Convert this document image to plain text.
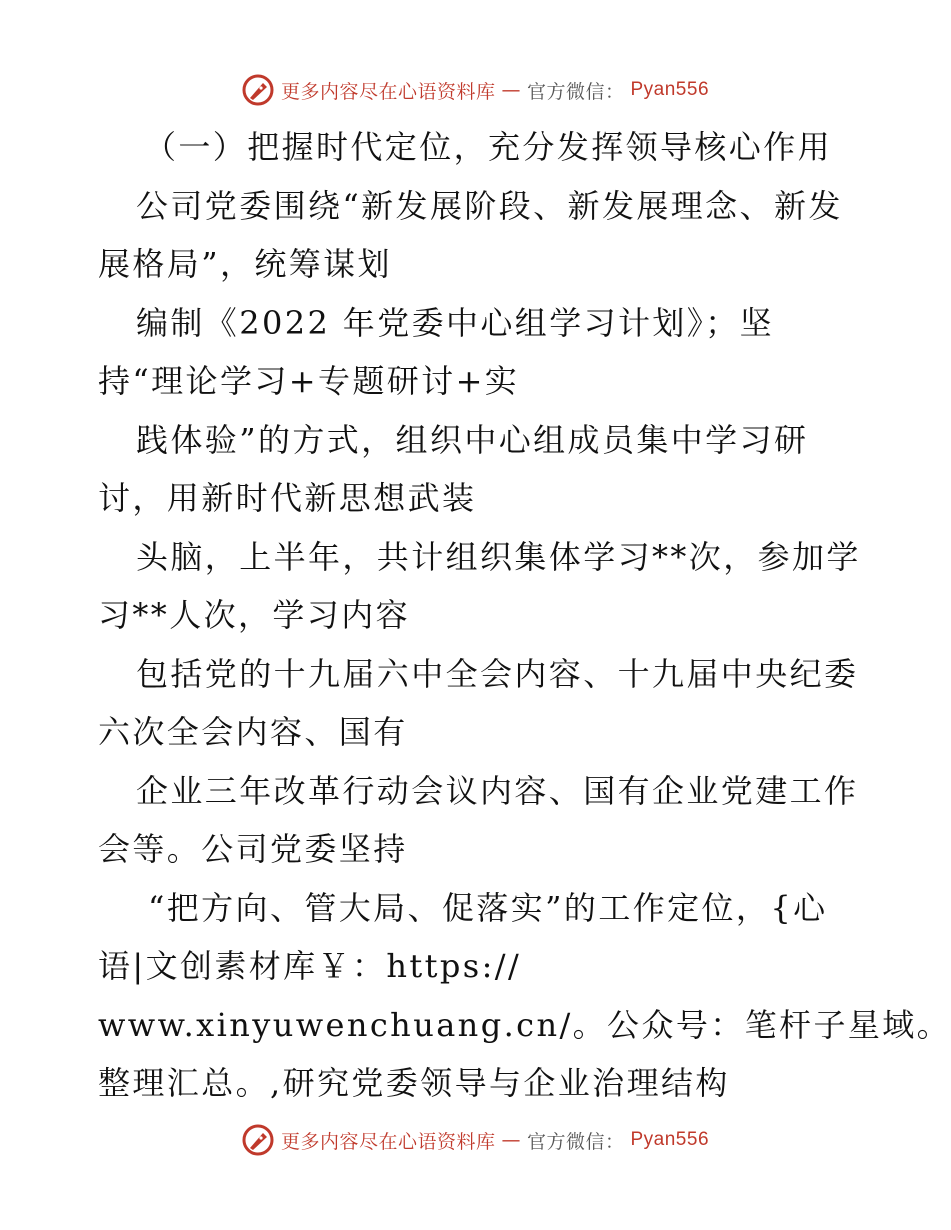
更多内容尽在心语资料库 — 官方微信： Pyan556
（一）把握时代定位，充分发挥领导核心作用
公司党委围绕“新发展阶段、新发展理念、新发
展格局”，统筹谋划
编制《2022 年党委中心组学习计划》；坚
持“理论学习+专题研讨+实
践体验”的方式，组织中心组成员集中学习研
讨，用新时代新思想武装
头脑，上半年，共计组织集体学习**次，参加学
习**人次，学习内容
包括党的十九届六中全会内容、十九届中央纪委
六次全会内容、国有
企业三年改革行动会议内容、国有企业党建工作
会等。公司党委坚持
“把方向、管大局、促落实”的工作定位，{心
语|文创素材库￥：https://
www.xinyuwenchuang.cn/。公众号：笔杆子星域。
整理汇总。,研究党委领导与企业治理结构
更多内容尽在心语资料库 — 官方微信： Pyan556
